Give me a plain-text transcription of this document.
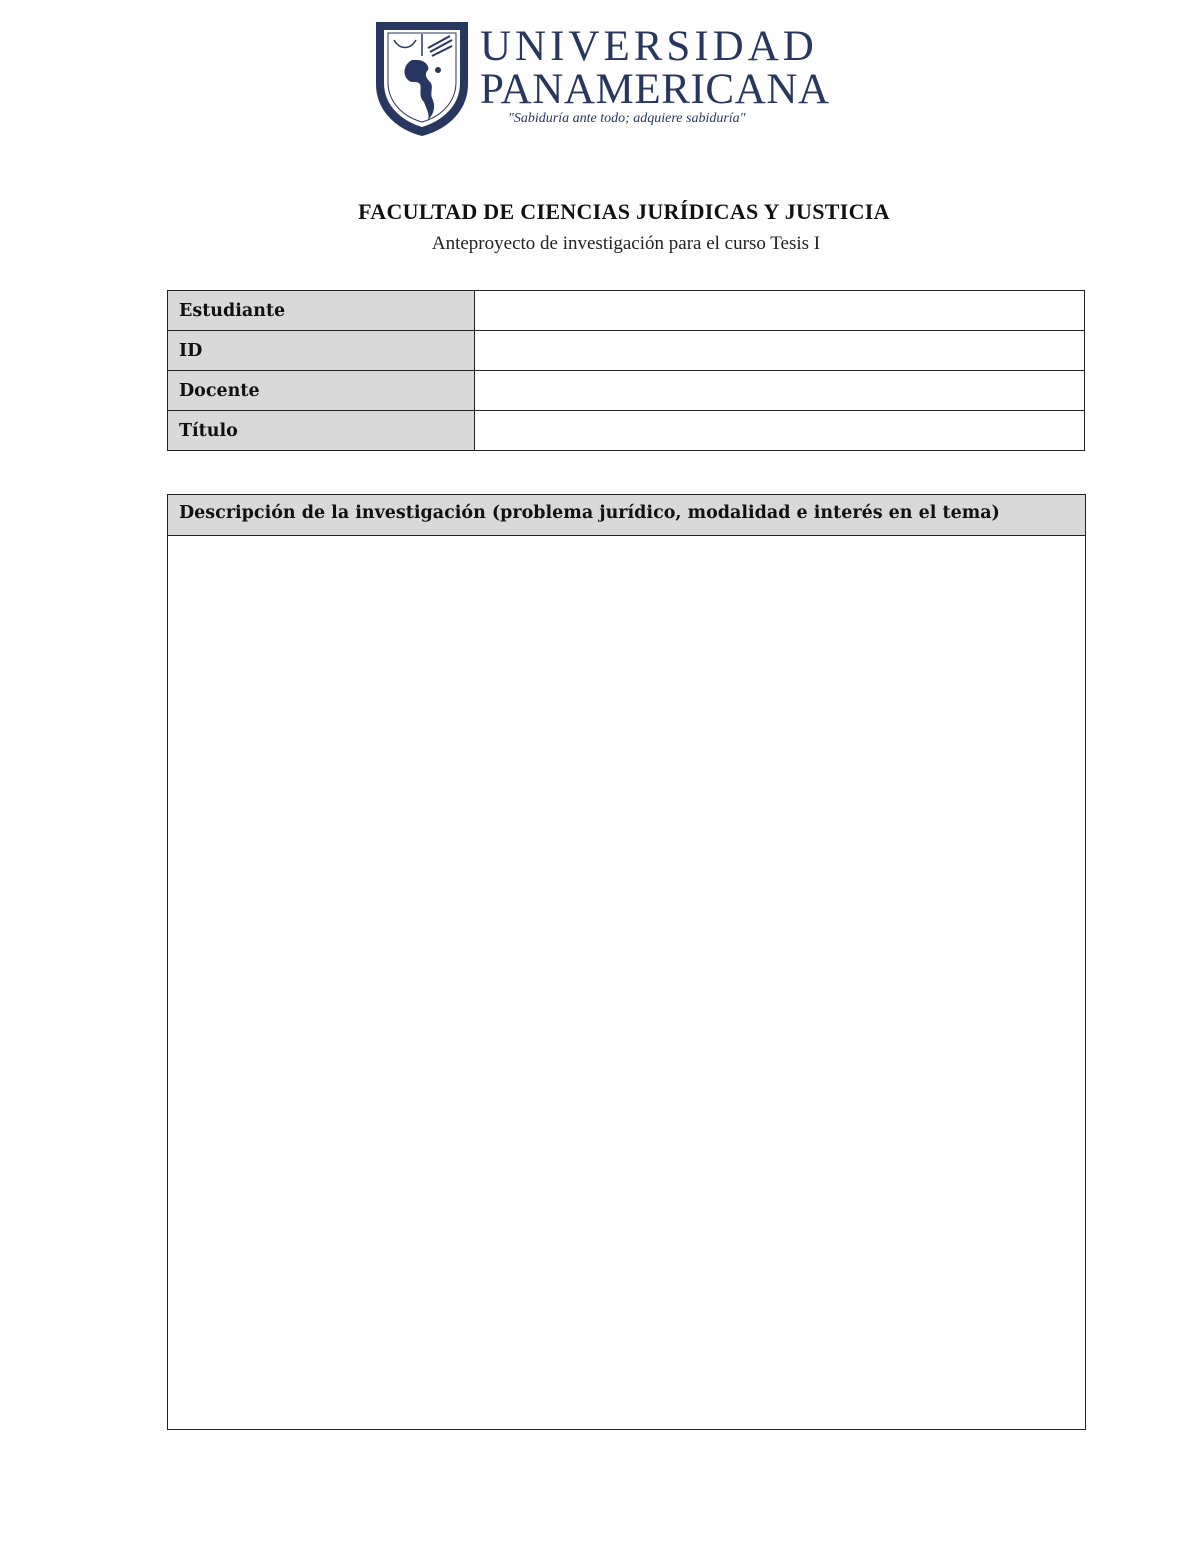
UNIVERSIDAD
PANAMERICANA
"Sabiduría ante todo; adquiere sabiduría"
FACULTAD DE CIENCIAS JURÍDICAS Y JUSTICIA
Anteproyecto de investigación para el curso Tesis I
Estudiante	
ID	
Docente	
Título	
Descripción de la investigación (problema jurídico, modalidad e interés en el tema)
